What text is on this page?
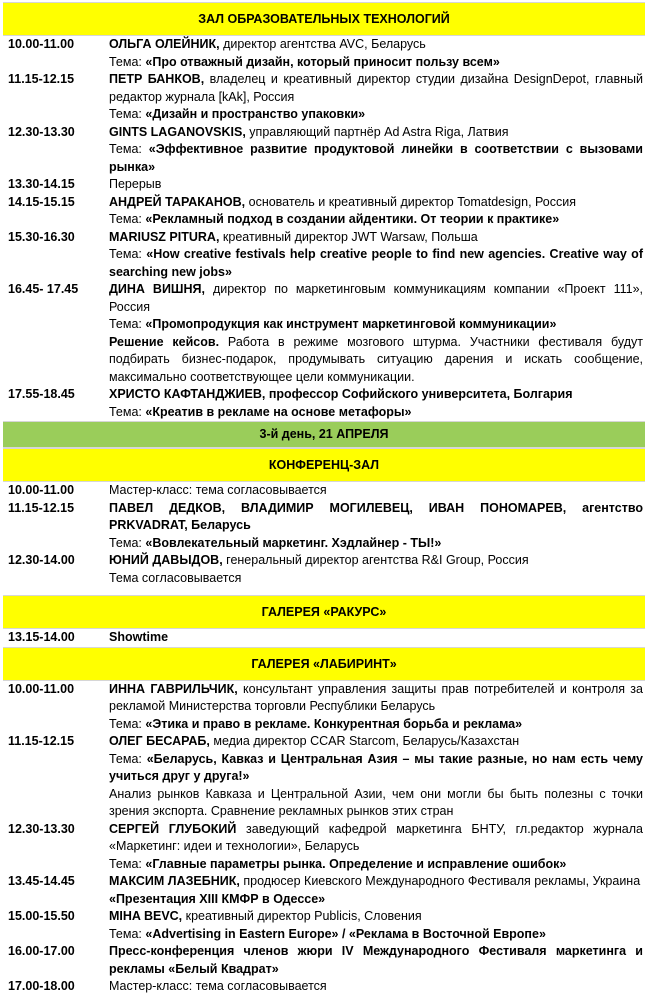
ЗАЛ ОБРАЗОВАТЕЛЬНЫХ ТЕХНОЛОГИЙ
10.00-11.00	ОЛЬГА ОЛЕЙНИК, директор агентства AVC, Беларусь
Тема: «Про отважный дизайн, который приносит пользу всем»

11.15-12.15	ПЕТР БАНКОВ, владелец и креативный директор студии дизайна DesignDepot, главный редактор журнала [kAk], Россия
Тема: «Дизайн и пространство упаковки»

12.30-13.30	GINTS LAGANOVSKIS, управляющий партнёр Ad Astra Riga, Латвия
Тема: «Эффективное развитие продуктовой линейки в соответствии с вызовами рынка»

13.30-14.15	Перерыв

14.15-15.15	АНДРЕЙ ТАРАКАНОВ, основатель и креативный директор Tomatdesign, Россия
Тема: «Рекламный подход в создании айдентики. От теории к практике»

15.30-16.30	MARIUSZ PITURA, креативный директор JWT Warsaw, Польша
Тема: «How creative festivals help creative people to find new agencies. Creative way of searching new jobs»

16.45- 17.45	ДИНА ВИШНЯ, директор по маркетинговым коммуникациям компании «Проект 111», Россия
Тема: «Промопродукция как инструмент маркетинговой коммуникации»
Решение кейсов. Работа в режиме мозгового штурма. Участники фестиваля будут подбирать бизнес-подарок, продумывать ситуацию дарения и искать сообщение, максимально соответствующее цели коммуникации.

17.55-18.45	ХРИСТО КАФТАНДЖИЕВ, профессор Софийского университета, Болгария
Тема: «Креатив в рекламе на основе метафоры»
3-й день, 21 АПРЕЛЯ
КОНФЕРЕНЦ-ЗАЛ
10.00-11.00	Мастер-класс: тема согласовывается

11.15-12.15	ПАВЕЛ ДЕДКОВ, ВЛАДИМИР МОГИЛЕВЕЦ, ИВАН ПОНОМАРЕВ, агентство PRKVADRAT, Беларусь
Тема: «Вовлекательный маркетинг. Хэдлайнер - ТЫ!»

12.30-14.00	ЮНИЙ ДАВЫДОВ, генеральный директор агентства R&I Group, Россия
Тема согласовывается
ГАЛЕРЕЯ «РАКУРС»
13.15-14.00	Showtime
ГАЛЕРЕЯ «ЛАБИРИНТ»
10.00-11.00	ИННА ГАВРИЛЬЧИК, консультант управления защиты прав потребителей и контроля за рекламой Министерства торговли Республики Беларусь
Тема: «Этика и право в рекламе. Конкурентная борьба и реклама»

11.15-12.15	ОЛЕГ БЕСАРАБ, медиа директор CCAR Starcom, Беларусь/Казахстан
Тема: «Беларусь, Кавказ и Центральная Азия – мы такие разные, но нам есть чему учиться друг у друга!»
Анализ рынков Кавказа и Центральной Азии, чем они могли бы быть полезны с точки зрения экспорта. Сравнение рекламных рынков этих стран

12.30-13.30	СЕРГЕЙ ГЛУБОКИЙ заведующий кафедрой маркетинга БНТУ, гл.редактор журнала «Маркетинг: идеи и технологии», Беларусь
Тема: «Главные параметры рынка. Определение и исправление ошибок»

13.45-14.45	МАКСИМ ЛАЗЕБНИК, продюсер Киевского Международного Фестиваля рекламы, Украина
«Презентация XIII КМФР в Одессе»

15.00-15.50	MIHA BEVC, креативный директор Publicis, Словения
Тема: «Advertising in Eastern Europe» / «Реклама в Восточной Европе»

16.00-17.00	Пресс-конференция членов жюри IV Международного Фестиваля маркетинга и рекламы «Белый Квадрат»

17.00-18.00	Мастер-класс: тема согласовывается
